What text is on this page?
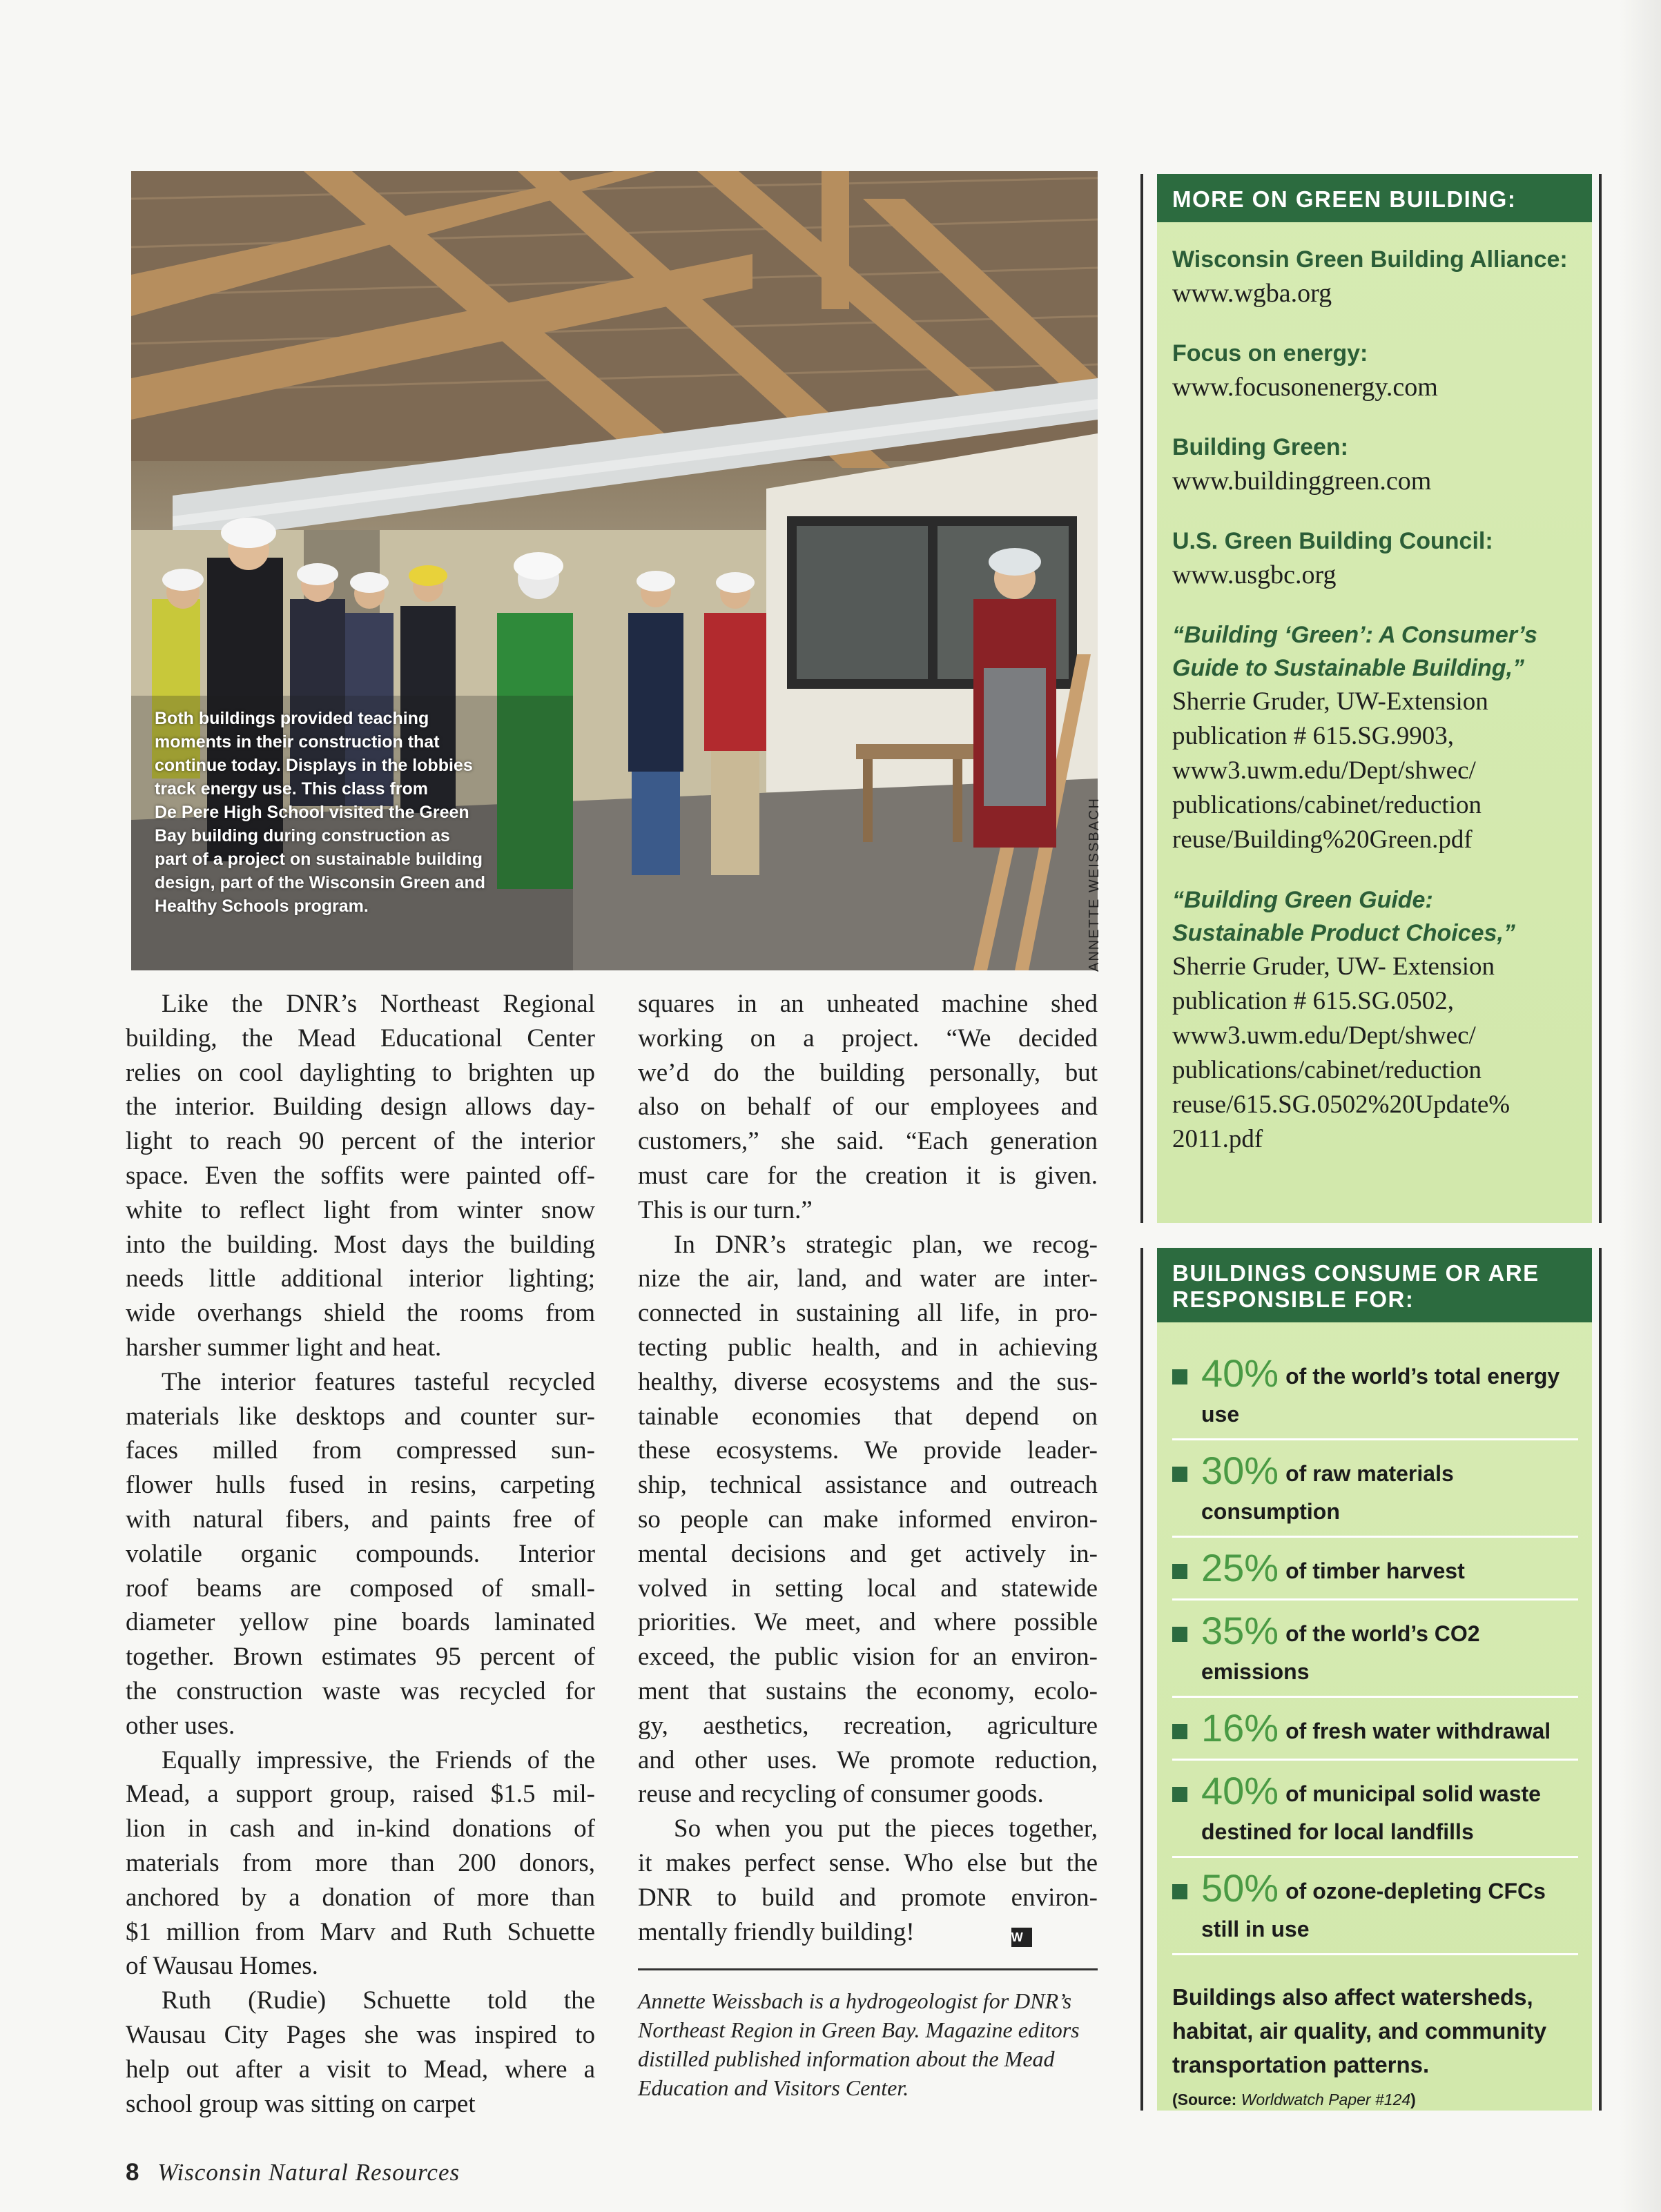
Both buildings provided teaching
moments in their construction that
continue today. Displays in the lobbies
track energy use. This class from
De Pere High School visited the Green
Bay building during construction as
part of a project on sustainable building
design, part of the Wisconsin Green and
Healthy Schools program.	ANNETTE WEISSBACH

Like the DNR’s Northeast Regional
building, the Mead Educational Center
relies on cool daylighting to brighten up
the interior. Building design allows day-
light to reach 90 percent of the interior
space. Even the soffits were painted off-
white to reflect light from winter snow
into the building. Most days the building
needs little additional interior lighting;
wide overhangs shield the rooms from
harsher summer light and heat.

The interior features tasteful recycled
materials like desktops and counter sur-
faces milled from compressed sun-
flower hulls fused in resins, carpeting
with natural fibers, and paints free of
volatile organic compounds. Interior
roof beams are composed of small-
diameter yellow pine boards laminated
together. Brown estimates 95 percent of
the construction waste was recycled for
other uses.

Equally impressive, the Friends of the
Mead, a support group, raised $1.5 mil-
lion in cash and in-kind donations of
materials from more than 200 donors,
anchored by a donation of more than
$1 million from Marv and Ruth Schuette
of Wausau Homes.

Ruth (Rudie) Schuette told the
Wausau City Pages she was inspired to
help out after a visit to Mead, where a
school group was sitting on carpet

squares in an unheated machine shed
working on a project. “We decided
we’d do the building personally, but
also on behalf of our employees and
customers,” she said. “Each generation
must care for the creation it is given.
This is our turn.”

In DNR’s strategic plan, we recog-
nize the air, land, and water are inter-
connected in sustaining all life, in pro-
tecting public health, and in achieving
healthy, diverse ecosystems and the sus-
tainable economies that depend on
these ecosystems. We provide leader-
ship, technical assistance and outreach
so people can make informed environ-
mental decisions and get actively in-
volved in setting local and statewide
priorities. We meet, and where possible
exceed, the public vision for an environ-
ment that sustains the economy, ecolo-
gy, aesthetics, recreation, agriculture
and other uses. We promote reduction,
reuse and recycling of consumer goods.

So when you put the pieces together,
it makes perfect sense. Who else but the
DNR to build and promote environ-
mentally friendly building!	W

Annette Weissbach is a hydrogeologist for DNR’s Northeast Region in Green Bay. Magazine editors distilled published information about the Mead Education and Visitors Center.
MORE ON GREEN BUILDING:
Wisconsin Green Building Alliance:
www.wgba.org
Focus on energy:
www.focusonenergy.com
Building Green:
www.buildinggreen.com
U.S. Green Building Council:
www.usgbc.org
“Building ‘Green’: A Consumer’s
Guide to Sustainable Building,”
Sherrie Gruder, UW-Extension
publication # 615.SG.9903,
www3.uwm.edu/Dept/shwec/
publications/cabinet/reduction
reuse/Building%20Green.pdf
“Building Green Guide:
Sustainable Product Choices,”
Sherrie Gruder, UW- Extension
publication # 615.SG.0502,
www3.uwm.edu/Dept/shwec/
publications/cabinet/reduction
reuse/615.SG.0502%20Update%
2011.pdf
BUILDINGS CONSUME OR ARE RESPONSIBLE FOR:
40% of the world’s total energy use
30% of raw materials consumption
25% of timber harvest
35% of the world’s CO2 emissions
16% of fresh water withdrawal
40% of municipal solid waste destined for local landfills
50% of ozone-depleting CFCs still in use
Buildings also affect watersheds, habitat, air quality, and community transportation patterns.
(Source: Worldwatch Paper #124)
8 Wisconsin Natural Resources
